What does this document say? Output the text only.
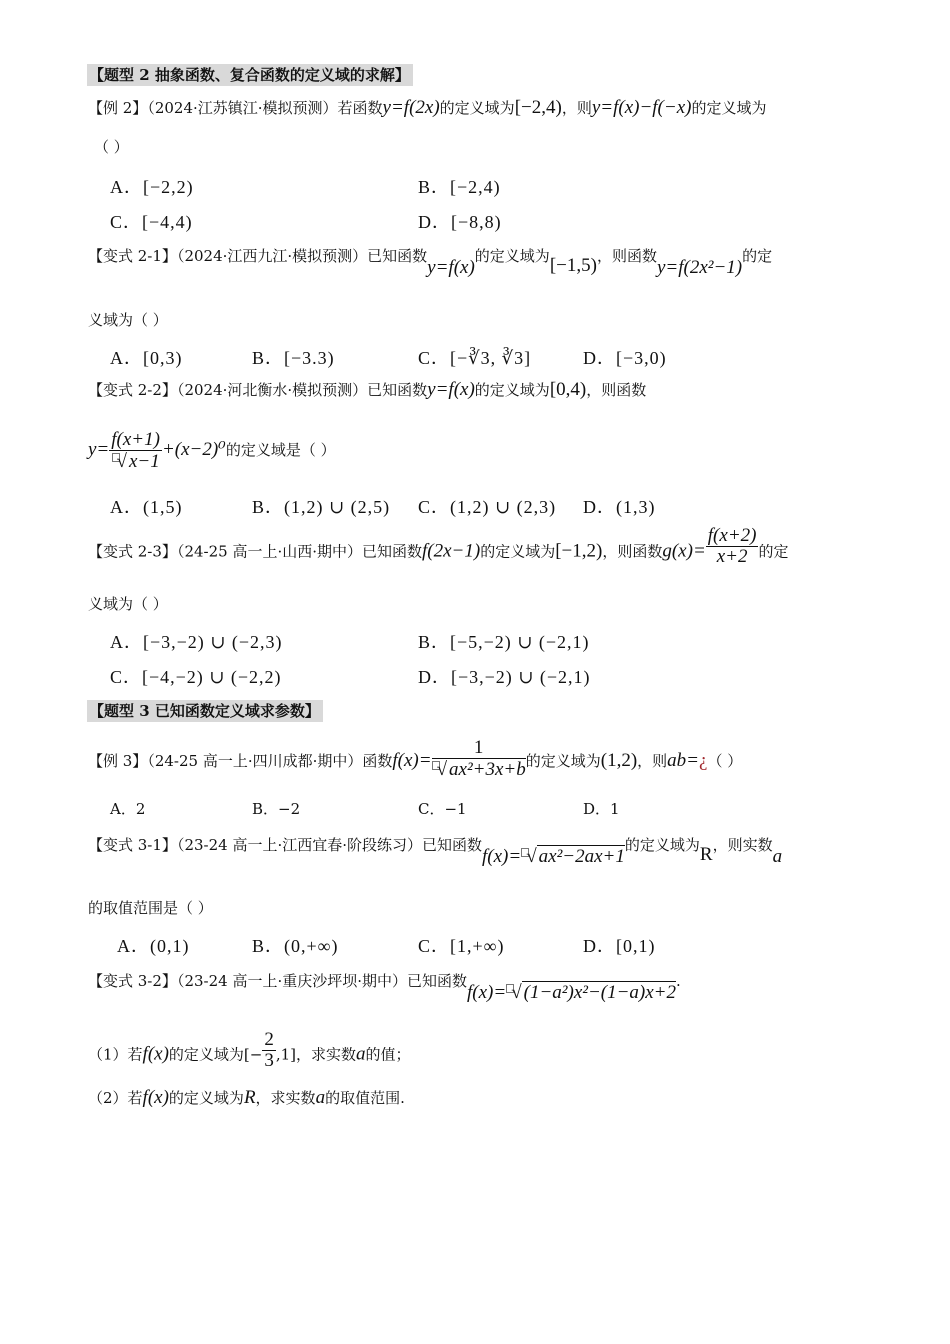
【题型 2 抽象函数、复合函数的定义域的求解】
【例 2】（2024·江苏镇江·模拟预测）若函数y=f(2x)的定义域为[−2,4)，则y=f(x)−f(−x)的定义域为
（ ）
A．[−2,2)	B．[−2,4)
C．[−4,4)	D．[−8,8)
【变式 2-1】（2024·江西九江·模拟预测）已知函数y=f(x)的定义域为[−1,5)，则函数y=f(2x²−1)的定
义域为（ ）
A．[0,3)	B．[−3.3)	C．[−∛3, ∛3]	D．[−3,0)
【变式 2-2】（2024·河北衡水·模拟预测）已知函数y=f(x)的定义域为[0,4)，则函数
$y= \frac{f(x+1)}{√ x-1} +(x-2)^0$的定义域是（ ）
A．(1,5)	B．(1,2) ∪ (2,5) C．(1,2) ∪ (2,3) D．(1,3)
【变式 2-3】（24-25 高一上·山西·期中）已知函数f(2x−1)的定义域为[−1,2)，则函数$g(x)= \frac{f(x+2)}{x+2}$ 的定
义域为（ ）
A．[−3,−2) ∪ (−2,3)	B．[−5,−2) ∪ (−2,1)
C．[−4,−2) ∪ (−2,2)	D．[−3,−2) ∪ (−2,1)
【题型 3 已知函数定义域求参数】
【例 3】（24-25 高一上·四川成都·期中）函数$f(x)= \frac{1}{\text{√ ax²+3x+b}}$ 的定义域为(1,2)，则ab=¿（ ）
A．2	B．−2	C．−1	D．1
【变式 3-1】（23-24 高一上·江西宜春·阶段练习）已知函数f(x)= √ ax²−2ax+1的定义域为R，则实数a
的取值范围是（ ）
A．(0,1)	B．(0,+∞)	C．[1,+∞)	D．[0,1)
【变式 3-2】（23-24 高一上·重庆沙坪坝·期中）已知函数f(x)= √ (1−a²)x²−(1−a)x+2.
（1）若f(x)的定义域为[− $\frac{2}{3} ,1$]，求实数a的值；
（2）若f(x)的定义域为R，求实数a的取值范围.
